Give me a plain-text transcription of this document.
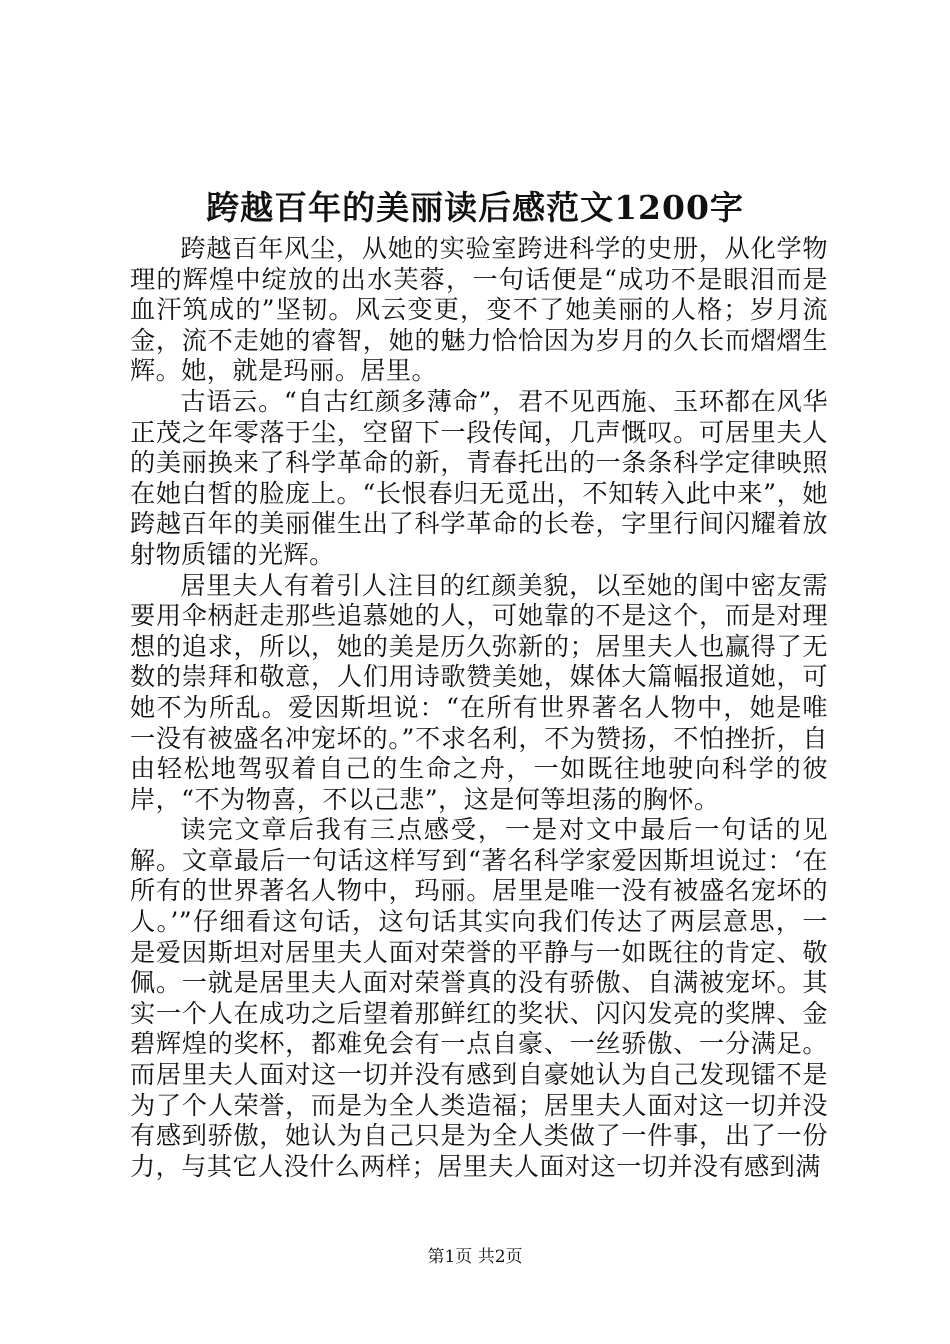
跨越百年的美丽读后感范文1200字

跨越百年风尘，从她的实验室跨进科学的史册，从化学物理的辉煌中绽放的出水芙蓉，一句话便是“成功不是眼泪而是血汗筑成的”坚韧。风云变更，变不了她美丽的人格；岁月流金，流不走她的睿智，她的魅力恰恰因为岁月的久长而熠熠生辉。她，就是玛丽。居里。

古语云。“自古红颜多薄命”，君不见西施、玉环都在风华正茂之年零落于尘，空留下一段传闻，几声慨叹。可居里夫人的美丽换来了科学革命的新，青春托出的一条条科学定律映照在她白皙的脸庞上。“长恨春归无觅出，不知转入此中来”，她跨越百年的美丽催生出了科学革命的长卷，字里行间闪耀着放射物质镭的光辉。

居里夫人有着引人注目的红颜美貌，以至她的闺中密友需要用伞柄赶走那些追慕她的人，可她靠的不是这个，而是对理想的追求，所以，她的美是历久弥新的；居里夫人也赢得了无数的崇拜和敬意，人们用诗歌赞美她，媒体大篇幅报道她，可她不为所乱。爱因斯坦说：“在所有世界著名人物中，她是唯一没有被盛名冲宠坏的。”不求名利，不为赞扬，不怕挫折，自由轻松地驾驭着自己的生命之舟，一如既往地驶向科学的彼岸，“不为物喜，不以己悲”，这是何等坦荡的胸怀。

读完文章后我有三点感受，一是对文中最后一句话的见解。文章最后一句话这样写到“著名科学家爱因斯坦说过：‘在所有的世界著名人物中，玛丽。居里是唯一没有被盛名宠坏的人。’”仔细看这句话，这句话其实向我们传达了两层意思，一是爱因斯坦对居里夫人面对荣誉的平静与一如既往的肯定、敬佩。一就是居里夫人面对荣誉真的没有骄傲、自满被宠坏。其实一个人在成功之后望着那鲜红的奖状、闪闪发亮的奖牌、金碧辉煌的奖杯，都难免会有一点自豪、一丝骄傲、一分满足。而居里夫人面对这一切并没有感到自豪她认为自己发现镭不是为了个人荣誉，而是为全人类造福；居里夫人面对这一切并没有感到骄傲，她认为自己只是为全人类做了一件事，出了一份力，与其它人没什么两样；居里夫人面对这一切并没有感到满

第1页 共2页
